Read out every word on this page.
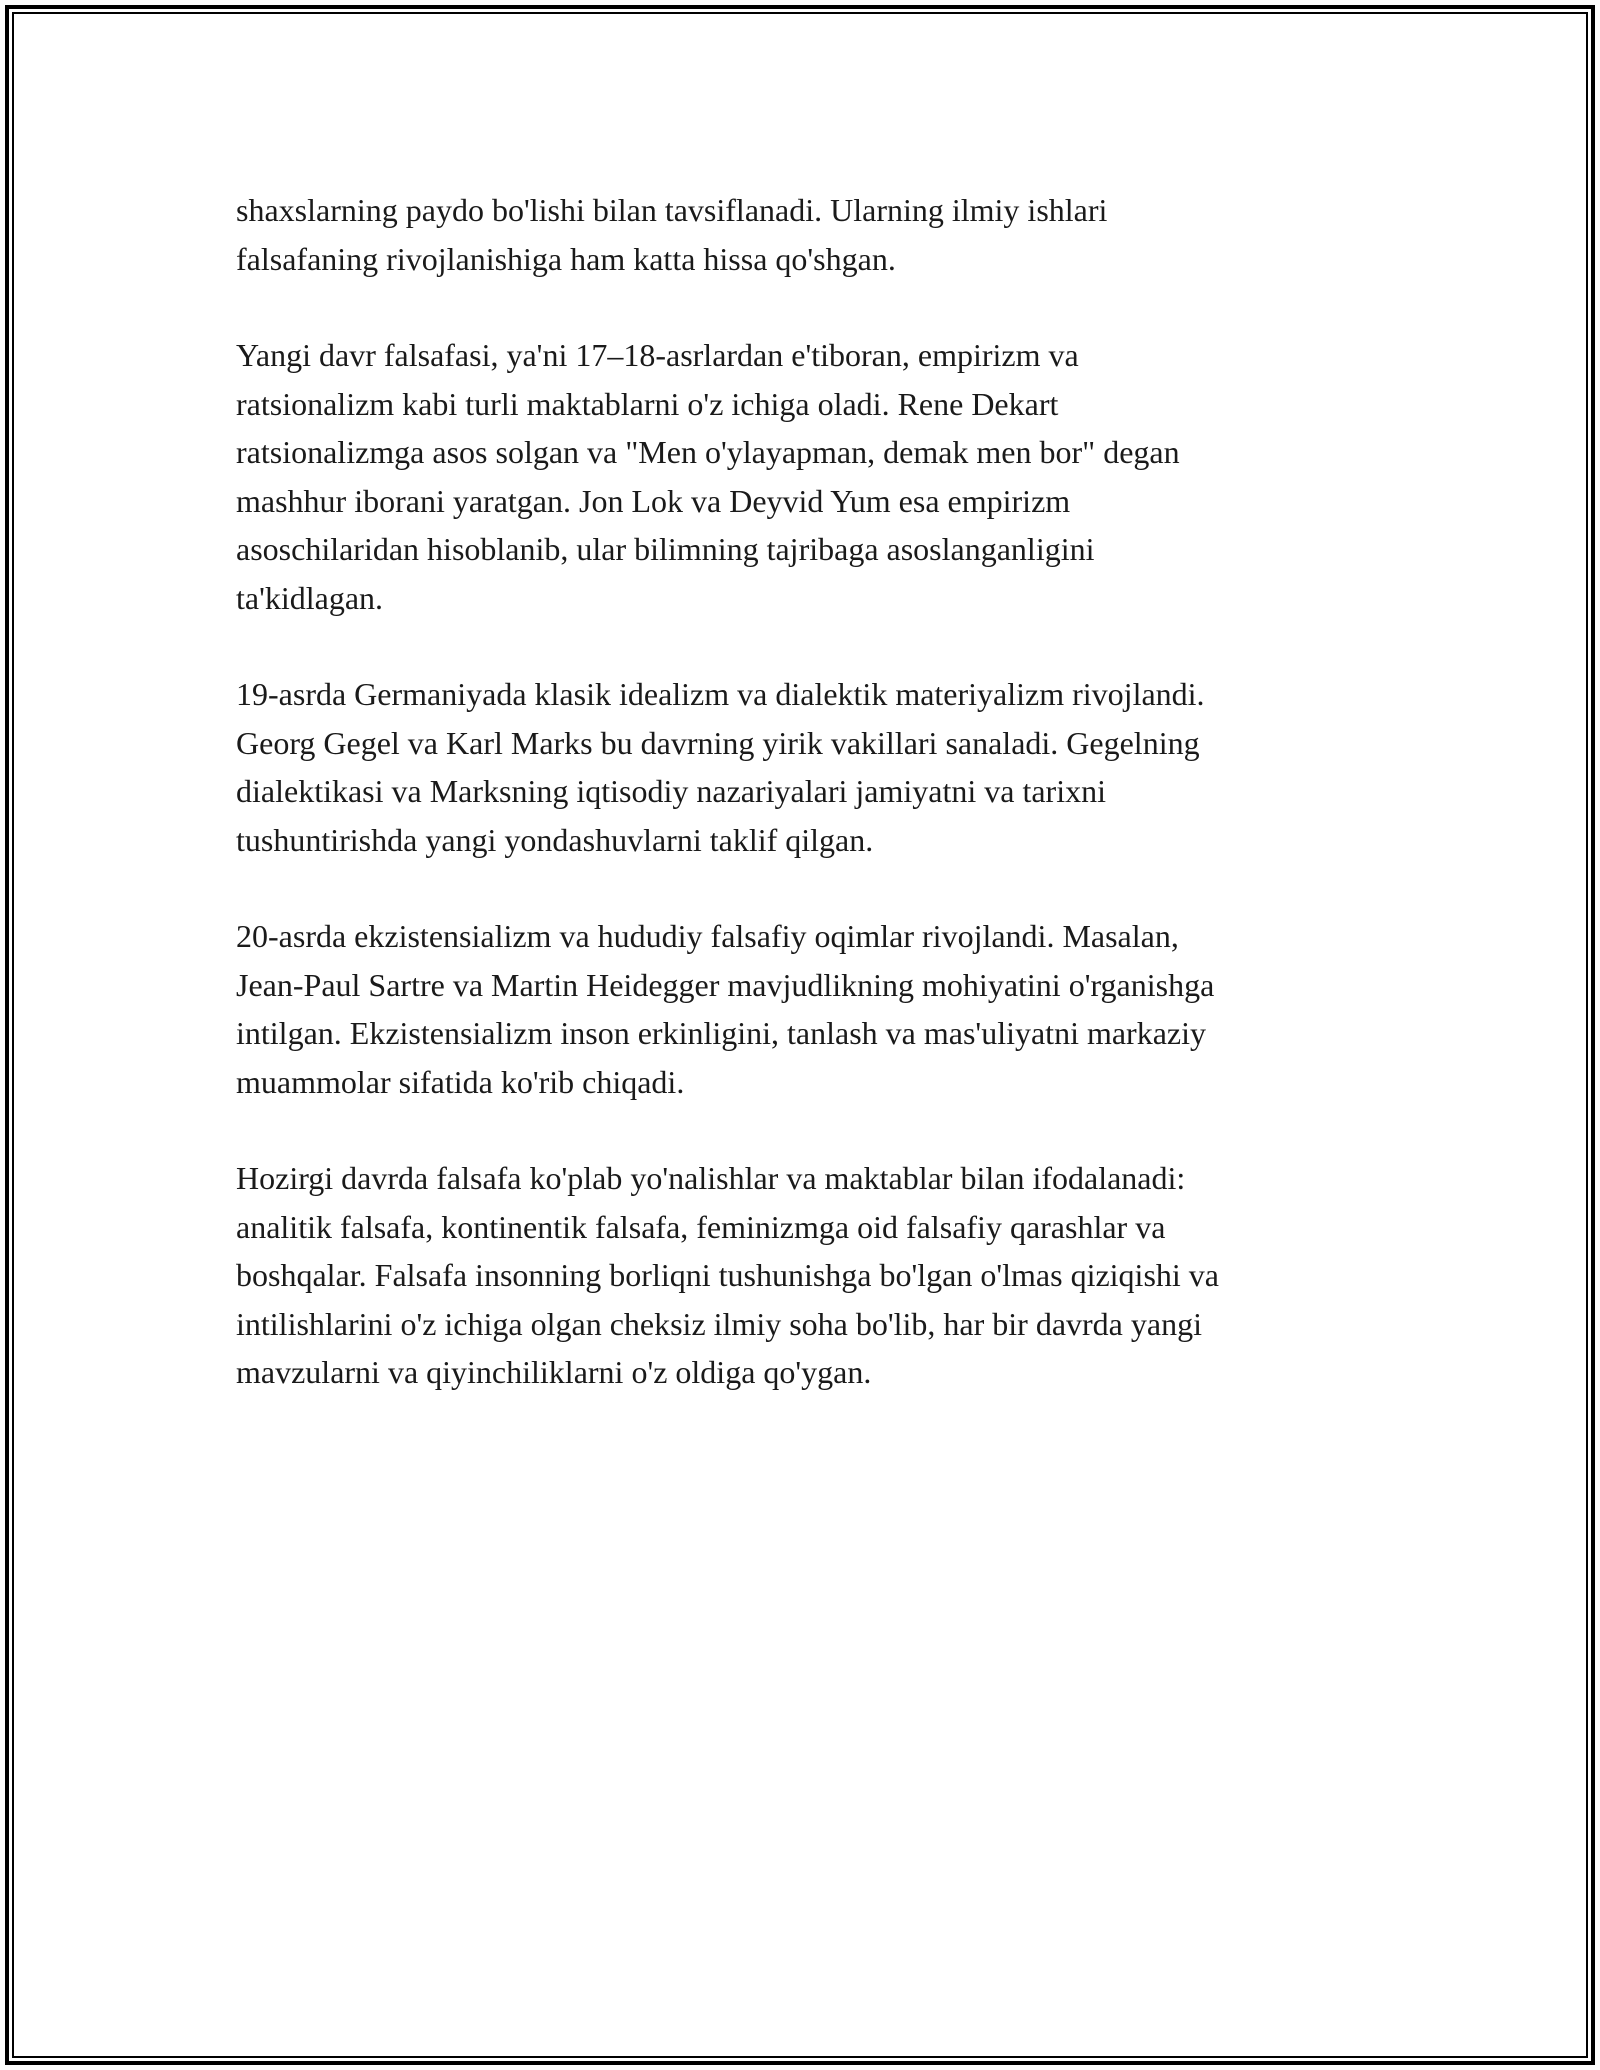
shaxslarning paydo bo'lishi bilan tavsiflanadi. Ularning ilmiy ishlari
falsafaning rivojlanishiga ham katta hissa qo'shgan.

Yangi davr falsafasi, ya'ni 17–18-asrlardan e'tiboran, empirizm va
ratsionalizm kabi turli maktablarni o'z ichiga oladi. Rene Dekart
ratsionalizmga asos solgan va "Men o'ylayapman, demak men bor" degan
mashhur iborani yaratgan. Jon Lok va Deyvid Yum esa empirizm
asoschilaridan hisoblanib, ular bilimning tajribaga asoslanganligini
ta'kidlagan.

19-asrda Germaniyada klasik idealizm va dialektik materiyalizm rivojlandi.
Georg Gegel va Karl Marks bu davrning yirik vakillari sanaladi. Gegelning
dialektikasi va Marksning iqtisodiy nazariyalari jamiyatni va tarixni
tushuntirishda yangi yondashuvlarni taklif qilgan.

20-asrda ekzistensializm va hududiy falsafiy oqimlar rivojlandi. Masalan,
Jean-Paul Sartre va Martin Heidegger mavjudlikning mohiyatini o'rganishga
intilgan. Ekzistensializm inson erkinligini, tanlash va mas'uliyatni markaziy
muammolar sifatida ko'rib chiqadi.

Hozirgi davrda falsafa ko'plab yo'nalishlar va maktablar bilan ifodalanadi:
analitik falsafa, kontinentik falsafa, feminizmga oid falsafiy qarashlar va
boshqalar. Falsafa insonning borliqni tushunishga bo'lgan o'lmas qiziqishi va
intilishlarini o'z ichiga olgan cheksiz ilmiy soha bo'lib, har bir davrda yangi
mavzularni va qiyinchiliklarni o'z oldiga qo'ygan.
